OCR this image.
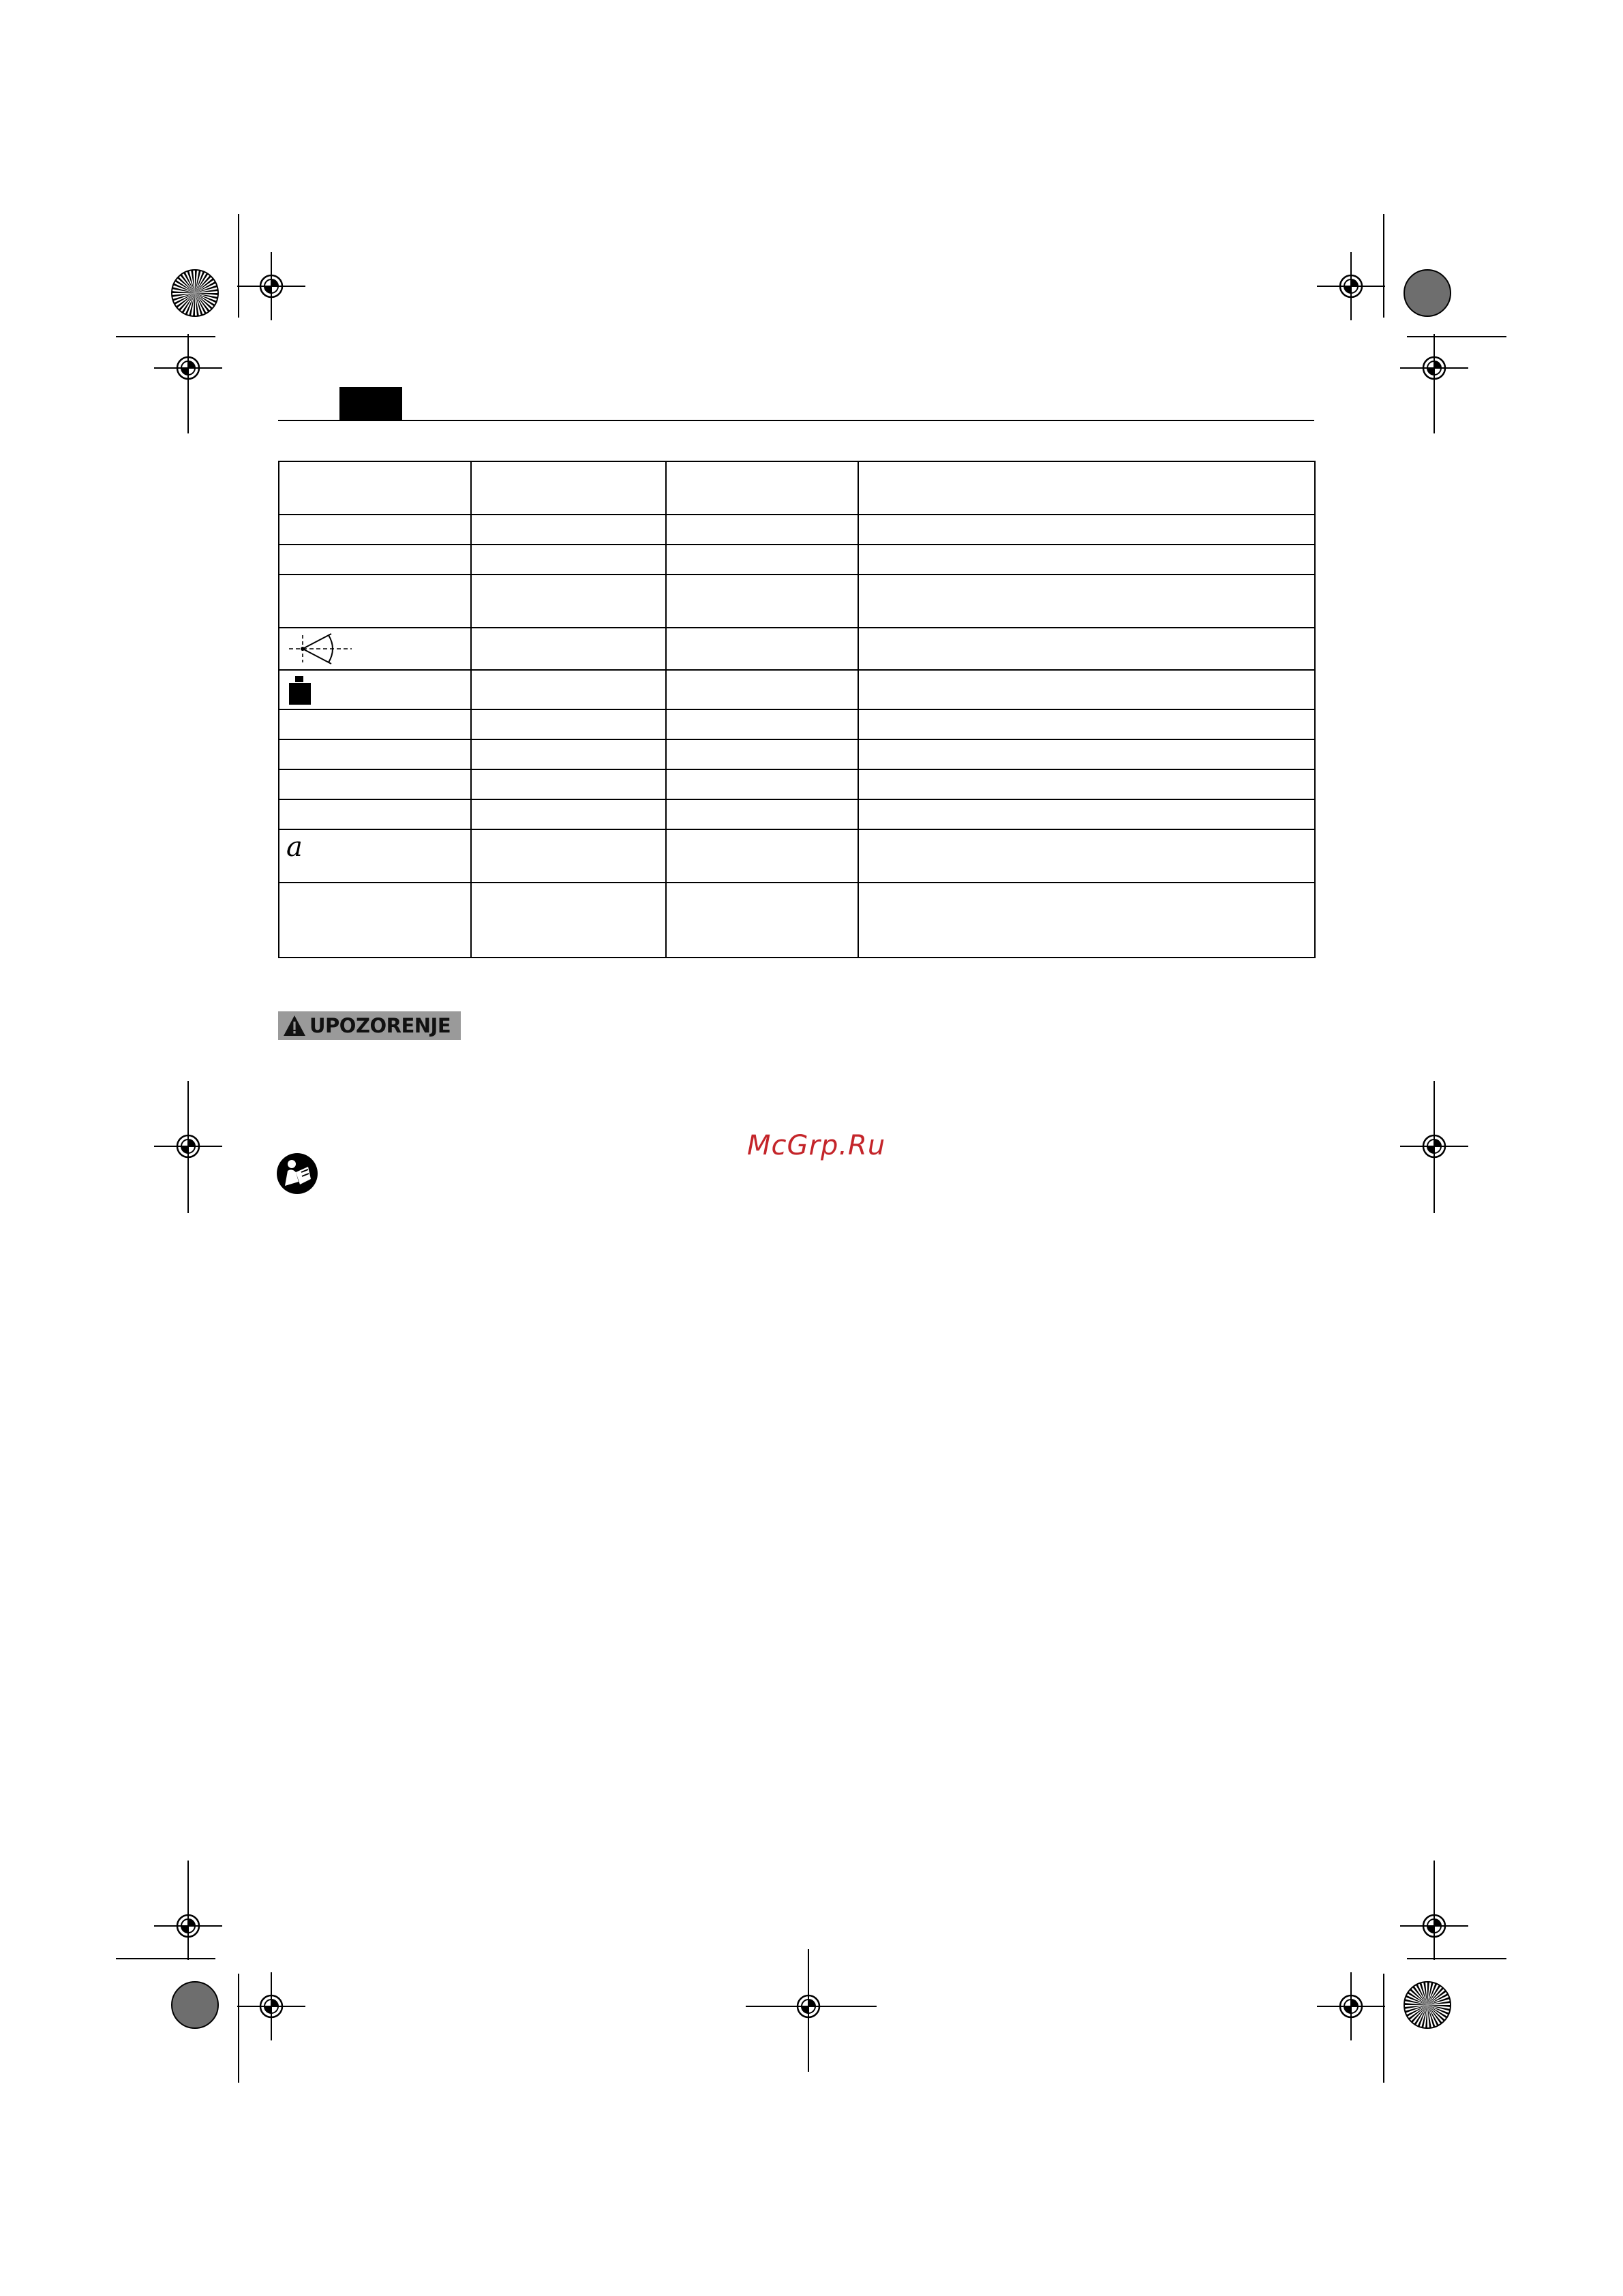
a			

UPOZORENJE
McGrp.Ru
